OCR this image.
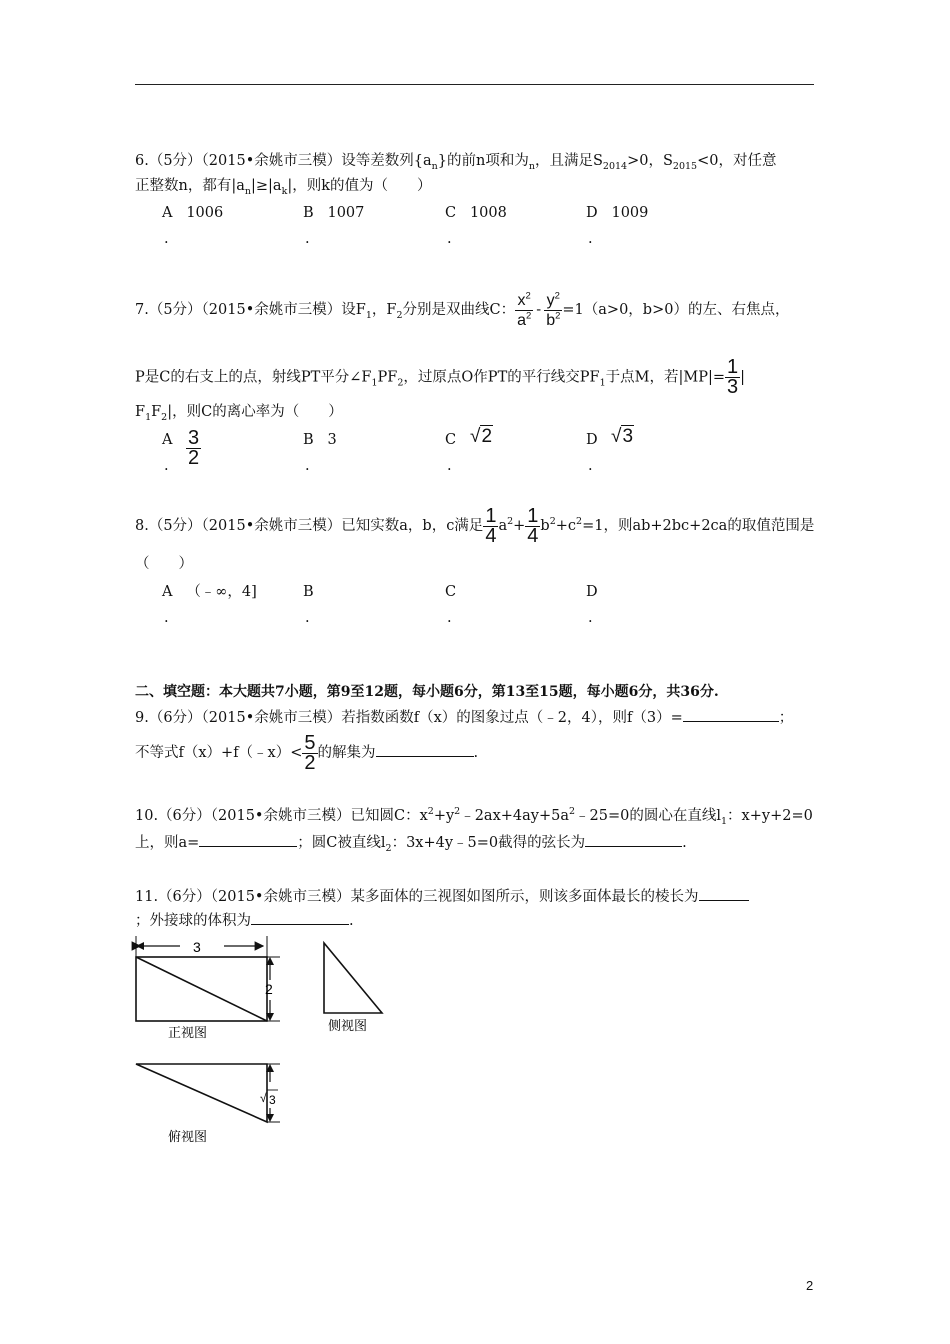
6.（5分）（2015•余姚市三模）设等差数列$\{a_n\}$的前n项和为$_n$，且满足$S_{2014}>0$，$S_{2015}<0$，对任意
正整数n，都有$|a_n|\ge|a_k|$，则k的值为（　　）
A 1006	B 1007	C 1008	D 1009
.	.	.	.
7.（5分）（2015•余姚市三模）设$F_1$，$F_2$分别是双曲线C： $\frac{x^2}{a^2} - \frac{y^2}{b^2} =1(a>0$，b>0）的左、右焦点，
P是C的右支上的点，射线PT平分$\angle F_1PF_2$，过原点O作PT的平行线交$PF_1$于点M，若$|MP|= \frac{1}{3}$ |
$F_1F_2|$，则C的离心率为（　　）
A $\frac{3}{2}$	B 3	C √2	D √3
.	.	.	.
8.（5分）（2015•余姚市三模）已知实数a，b，c满足 $\frac{1}{4} a^2+ \frac{1}{4} b^2+c^2=1$，则ab+2bc+2ca的取值范围是
（　　）
A （﹣∞，4]	B	C	D
.	.	.	.
二、填空题：本大题共7小题，第9至12题，每小题6分，第13至15题，每小题6分，共36分.
9.（6分）（2015•余姚市三模）若指数函数f（x）的图象过点（﹣2，4），则f（3）=	；
不等式f（x）+f（﹣x）< $\frac{5}{2}$ 的解集为	.
10.（6分）（2015•余姚市三模）已知圆C：$x^2+y^2﹣2ax+4ay+5a^2﹣25=0$的圆心在直线$l_1$：x+y+2=0
上，则a=	；圆C被直线$l_2$：3x+4y﹣5=0截得的弦长为	.
11.（6分）（2015•余姚市三模）某多面体的三视图如图所示，则该多面体最长的棱长为
；外接球的体积为	.
3
2
正视图	侧视图
√ 3
俯视图
2
